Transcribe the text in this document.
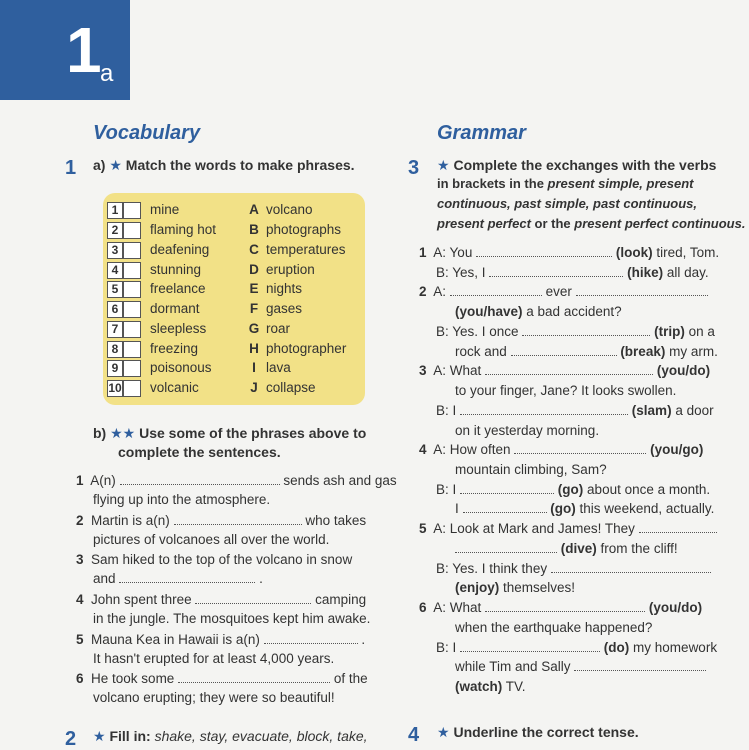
1
a
Vocabulary
1 a) ★ Match the words to make phrases.
1	mine	A volcano
2	flaming hot B photographs
3	deafening	C temperatures
4	stunning	D eruption
5	freelance	E nights
6	dormant	F gases
7	sleepless	G roar
8	freezing	H photographer
9	poisonous	I lava
10 volcanic	J collapse
b) ★★ Use some of the phrases above to
complete the sentences.
1 A(n)	sends ash and gas
flying up into the atmosphere.
2 Martin is a(n)	who takes
pictures of volcanoes all over the world.
3 Sam hiked to the top of the volcano in snow
and	.
4 John spent three	camping
in the jungle. The mosquitoes kept him awake.
5 Mauna Kea in Hawaii is a(n)	.
It hasn't erupted for at least 4,000 years.
6 He took some	of the
volcano erupting; they were so beautiful!
2 ★ Fill in: shake, stay, evacuate, block, take,
Grammar
3 ★ Complete the exchanges with the verbs
in brackets in the present simple, present
continuous, past simple, past continuous,
present perfect or the present perfect continuous.
1 A: You	(look) tired, Tom.
B: Yes, I	(hike) all day.
2 A:	ever
(you/have) a bad accident?
B: Yes. I once	(trip) on a
rock and	(break) my arm.
3 A: What	(you/do)
to your finger, Jane? It looks swollen.
B: I	(slam) a door
on it yesterday morning.
4 A: How often	(you/go)
mountain climbing, Sam?
B: I	(go) about once a month.
I	(go) this weekend, actually.
5 A: Look at Mark and James! They
(dive) from the cliff!
B: Yes. I think they
(enjoy) themselves!
6 A: What	(you/do)
when the earthquake happened?
B: I	(do) my homework
while Tim and Sally
(watch) TV.
4 ★ Underline the correct tense.
